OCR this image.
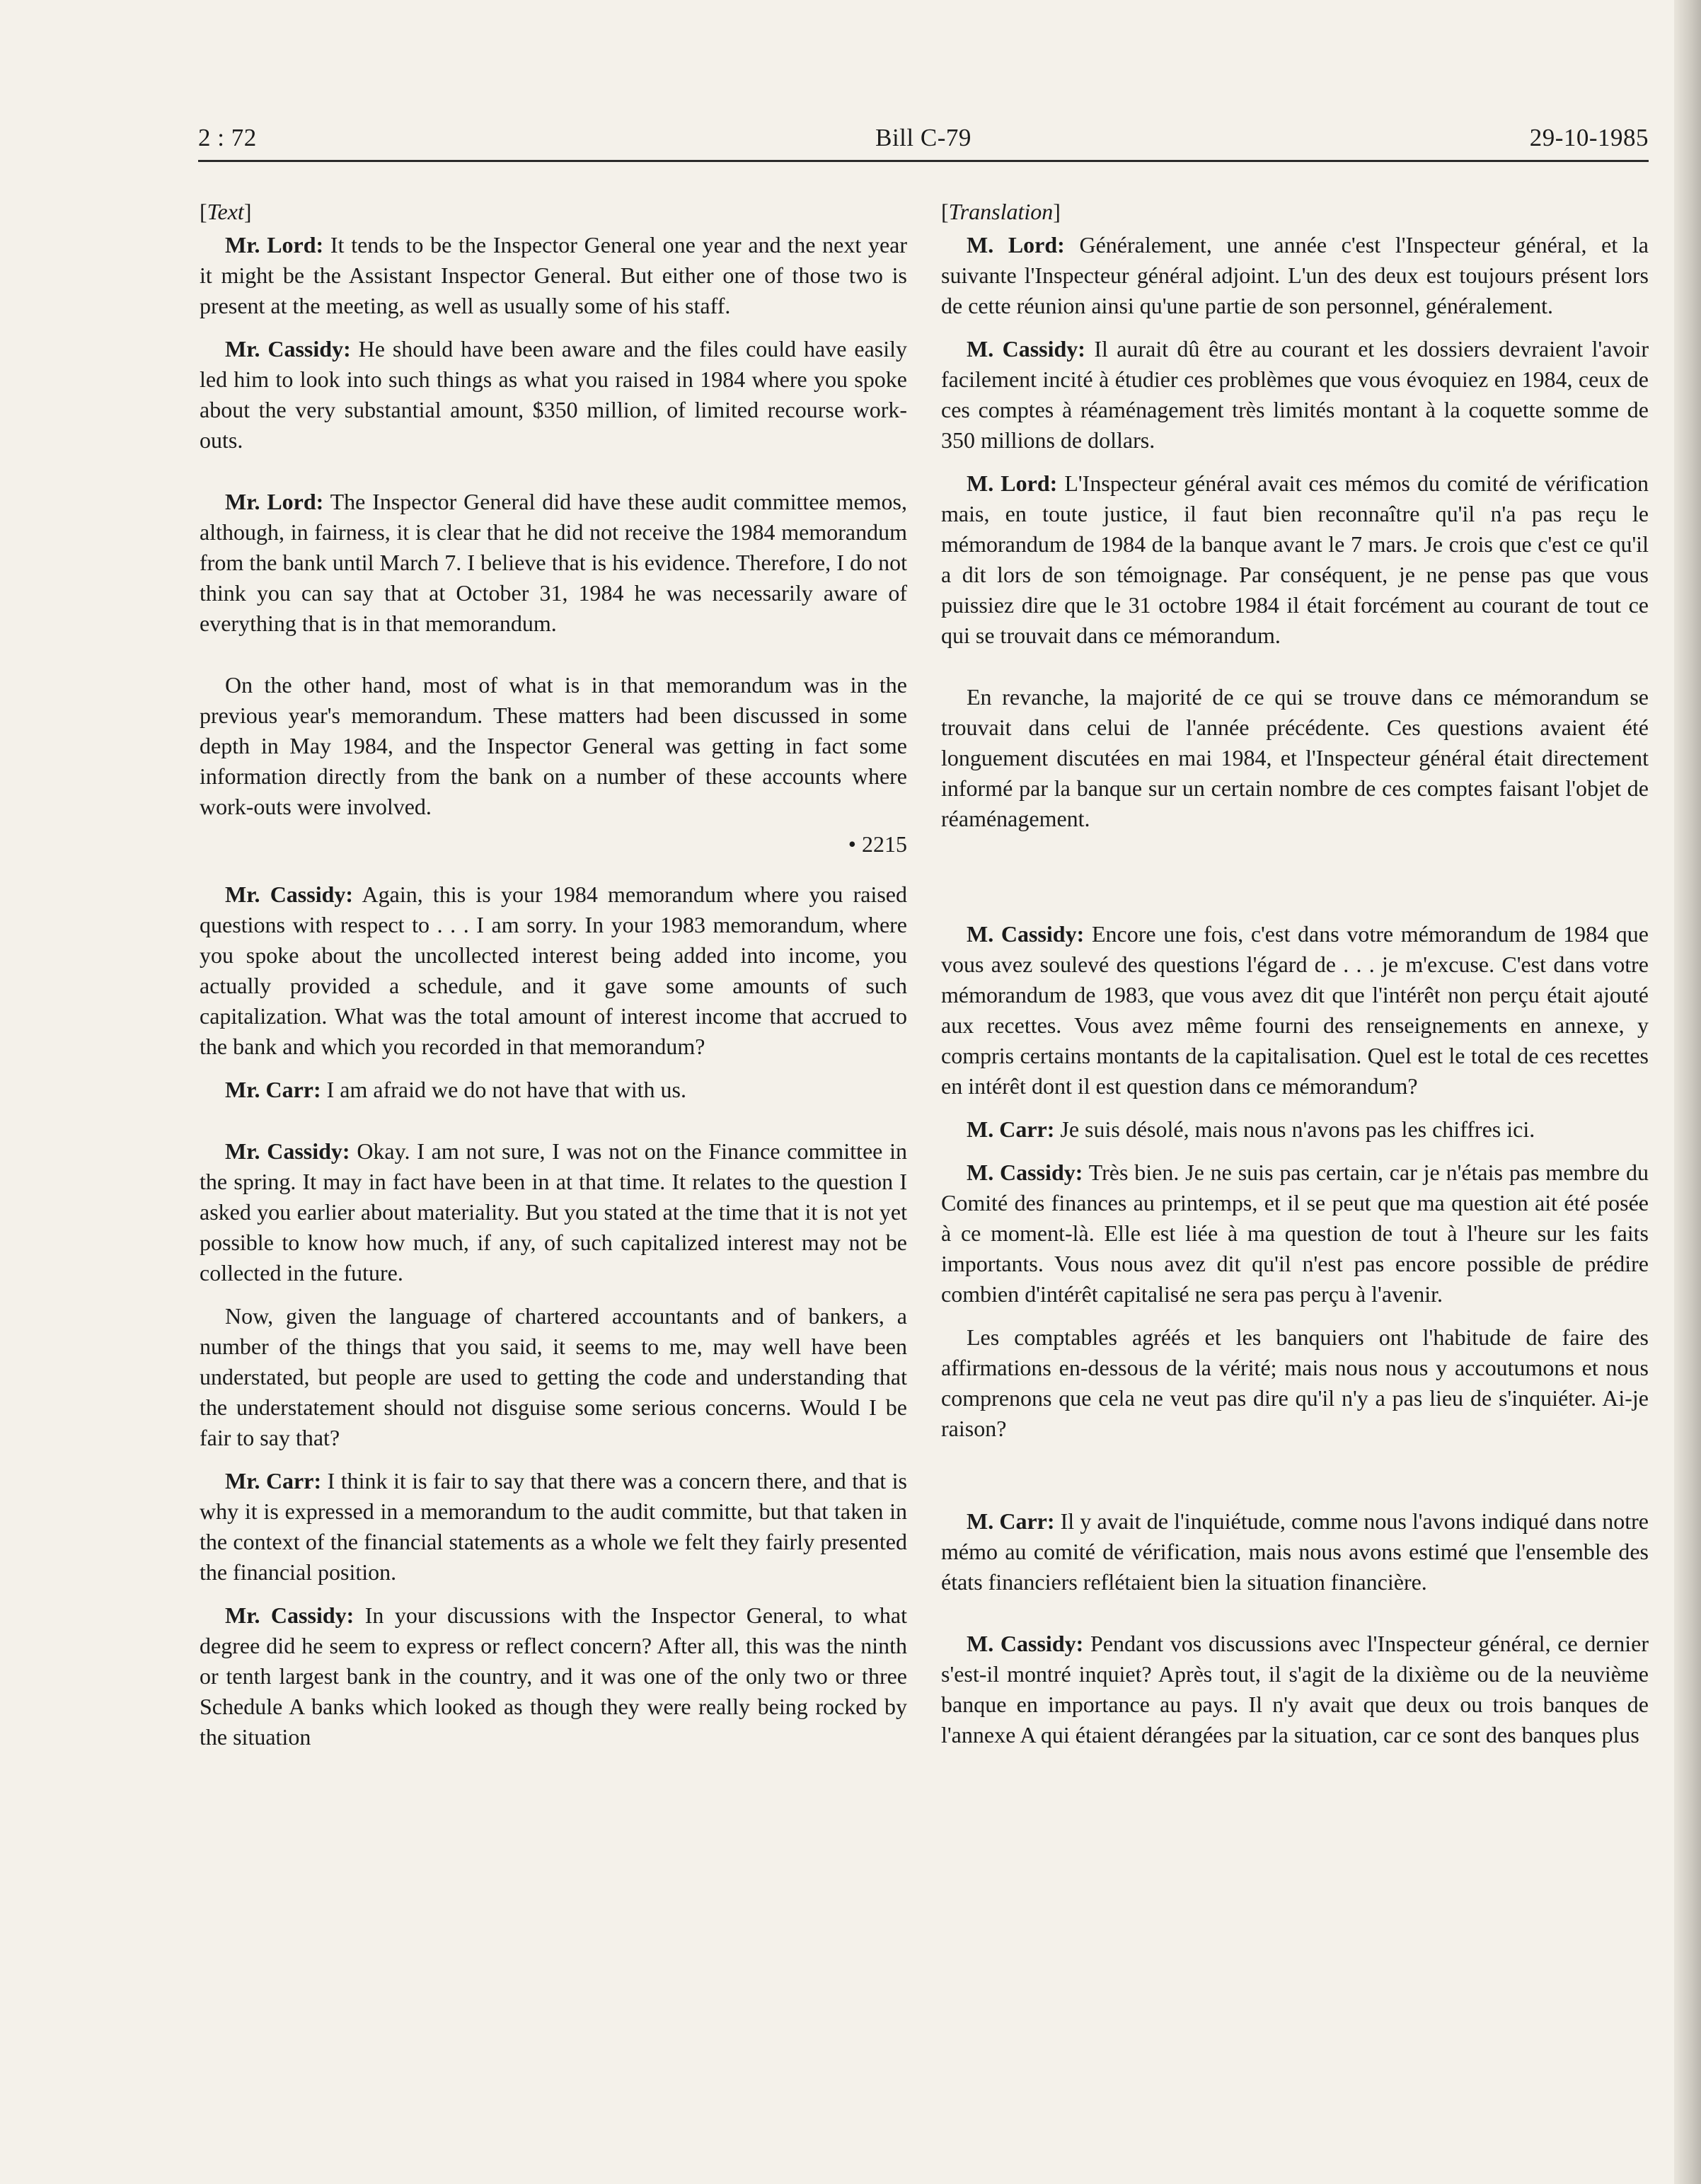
2 : 72	Bill C-79	29-10-1985
[Text]

Mr. Lord: It tends to be the Inspector General one year and the next year it might be the Assistant Inspector General. But either one of those two is present at the meeting, as well as usually some of his staff.

Mr. Cassidy: He should have been aware and the files could have easily led him to look into such things as what you raised in 1984 where you spoke about the very substantial amount, $350 million, of limited recourse work-outs.

Mr. Lord: The Inspector General did have these audit committee memos, although, in fairness, it is clear that he did not receive the 1984 memorandum from the bank until March 7. I believe that is his evidence. Therefore, I do not think you can say that at October 31, 1984 he was necessarily aware of everything that is in that memorandum.

On the other hand, most of what is in that memorandum was in the previous year's memorandum. These matters had been discussed in some depth in May 1984, and the Inspector General was getting in fact some information directly from the bank on a number of these accounts where work-outs were involved.

• 2215

Mr. Cassidy: Again, this is your 1984 memorandum where you raised questions with respect to . . . I am sorry. In your 1983 memorandum, where you spoke about the uncollected interest being added into income, you actually provided a schedule, and it gave some amounts of such capitalization. What was the total amount of interest income that accrued to the bank and which you recorded in that memorandum?

Mr. Carr: I am afraid we do not have that with us.

Mr. Cassidy: Okay. I am not sure, I was not on the Finance committee in the spring. It may in fact have been in at that time. It relates to the question I asked you earlier about materiality. But you stated at the time that it is not yet possible to know how much, if any, of such capitalized interest may not be collected in the future.

Now, given the language of chartered accountants and of bankers, a number of the things that you said, it seems to me, may well have been understated, but people are used to getting the code and understanding that the understatement should not disguise some serious concerns. Would I be fair to say that?

Mr. Carr: I think it is fair to say that there was a concern there, and that is why it is expressed in a memorandum to the audit committe, but that taken in the context of the financial statements as a whole we felt they fairly presented the financial position.

Mr. Cassidy: In your discussions with the Inspector General, to what degree did he seem to express or reflect concern? After all, this was the ninth or tenth largest bank in the country, and it was one of the only two or three Schedule A banks which looked as though they were really being rocked by the situation

[Translation]

M. Lord: Généralement, une année c'est l'Inspecteur général, et la suivante l'Inspecteur général adjoint. L'un des deux est toujours présent lors de cette réunion ainsi qu'une partie de son personnel, généralement.

M. Cassidy: Il aurait dû être au courant et les dossiers devraient l'avoir facilement incité à étudier ces problèmes que vous évoquiez en 1984, ceux de ces comptes à réaménagement très limités montant à la coquette somme de 350 millions de dollars.

M. Lord: L'Inspecteur général avait ces mémos du comité de vérification mais, en toute justice, il faut bien reconnaître qu'il n'a pas reçu le mémorandum de 1984 de la banque avant le 7 mars. Je crois que c'est ce qu'il a dit lors de son témoignage. Par conséquent, je ne pense pas que vous puissiez dire que le 31 octobre 1984 il était forcément au courant de tout ce qui se trouvait dans ce mémorandum.

En revanche, la majorité de ce qui se trouve dans ce mémorandum se trouvait dans celui de l'année précédente. Ces questions avaient été longuement discutées en mai 1984, et l'Inspecteur général était directement informé par la banque sur un certain nombre de ces comptes faisant l'objet de réaménagement.

M. Cassidy: Encore une fois, c'est dans votre mémorandum de 1984 que vous avez soulevé des questions l'égard de . . . je m'excuse. C'est dans votre mémorandum de 1983, que vous avez dit que l'intérêt non perçu était ajouté aux recettes. Vous avez même fourni des renseignements en annexe, y compris certains montants de la capitalisation. Quel est le total de ces recettes en intérêt dont il est question dans ce mémorandum?

M. Carr: Je suis désolé, mais nous n'avons pas les chiffres ici.

M. Cassidy: Très bien. Je ne suis pas certain, car je n'étais pas membre du Comité des finances au printemps, et il se peut que ma question ait été posée à ce moment-là. Elle est liée à ma question de tout à l'heure sur les faits importants. Vous nous avez dit qu'il n'est pas encore possible de prédire combien d'intérêt capitalisé ne sera pas perçu à l'avenir.

Les comptables agréés et les banquiers ont l'habitude de faire des affirmations en-dessous de la vérité; mais nous nous y accoutumons et nous comprenons que cela ne veut pas dire qu'il n'y a pas lieu de s'inquiéter. Ai-je raison?

M. Carr: Il y avait de l'inquiétude, comme nous l'avons indiqué dans notre mémo au comité de vérification, mais nous avons estimé que l'ensemble des états financiers reflétaient bien la situation financière.

M. Cassidy: Pendant vos discussions avec l'Inspecteur général, ce dernier s'est-il montré inquiet? Après tout, il s'agit de la dixième ou de la neuvième banque en importance au pays. Il n'y avait que deux ou trois banques de l'annexe A qui étaient dérangées par la situation, car ce sont des banques plus
